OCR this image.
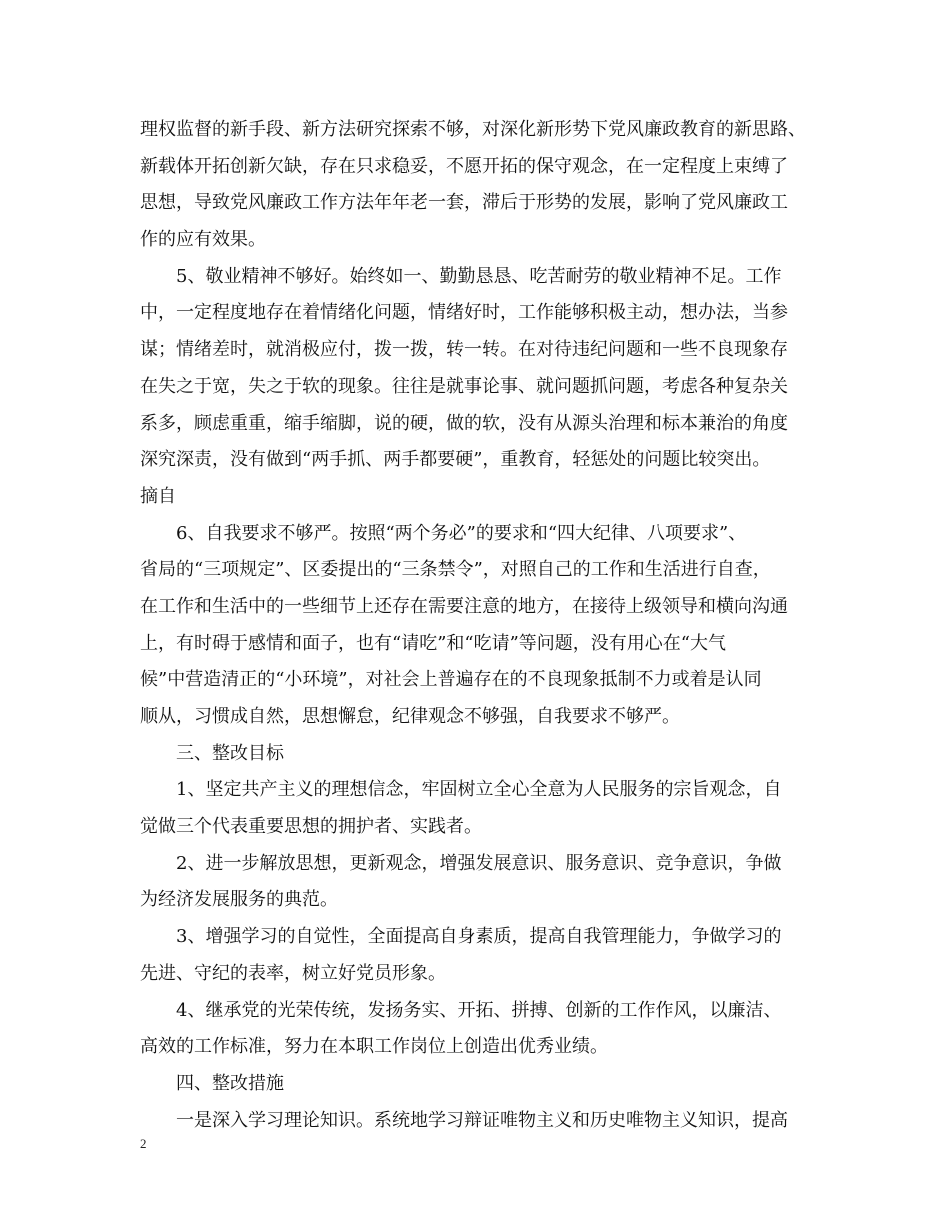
理权监督的新手段、新方法研究探索不够，对深化新形势下党风廉政教育的新思路、
新载体开拓创新欠缺，存在只求稳妥，不愿开拓的保守观念，在一定程度上束缚了
思想，导致党风廉政工作方法年年老一套，滞后于形势的发展，影响了党风廉政工
作的应有效果。
5、敬业精神不够好。始终如一、勤勤恳恳、吃苦耐劳的敬业精神不足。工作
中，一定程度地存在着情绪化问题，情绪好时，工作能够积极主动，想办法，当参
谋；情绪差时，就消极应付，拨一拨，转一转。在对待违纪问题和一些不良现象存
在失之于宽，失之于软的现象。往往是就事论事、就问题抓问题，考虑各种复杂关
系多，顾虑重重，缩手缩脚，说的硬，做的软，没有从源头治理和标本兼治的角度
深究深责，没有做到“两手抓、两手都要硬”，重教育，轻惩处的问题比较突出。
摘自
6、自我要求不够严。按照“两个务必”的要求和“四大纪律、八项要求”、
省局的“三项规定”、区委提出的“三条禁令”，对照自己的工作和生活进行自查，
在工作和生活中的一些细节上还存在需要注意的地方，在接待上级领导和横向沟通
上，有时碍于感情和面子，也有“请吃”和“吃请”等问题，没有用心在“大气
候”中营造清正的“小环境”，对社会上普遍存在的不良现象抵制不力或着是认同
顺从，习惯成自然，思想懈怠，纪律观念不够强，自我要求不够严。
三、整改目标
1、坚定共产主义的理想信念，牢固树立全心全意为人民服务的宗旨观念，自
觉做三个代表重要思想的拥护者、实践者。
2、进一步解放思想，更新观念，增强发展意识、服务意识、竞争意识，争做
为经济发展服务的典范。
3、增强学习的自觉性，全面提高自身素质，提高自我管理能力，争做学习的
先进、守纪的表率，树立好党员形象。
4、继承党的光荣传统，发扬务实、开拓、拼搏、创新的工作作风，以廉洁、
高效的工作标准，努力在本职工作岗位上创造出优秀业绩。
四、整改措施
一是深入学习理论知识。系统地学习辩证唯物主义和历史唯物主义知识，提高
2
